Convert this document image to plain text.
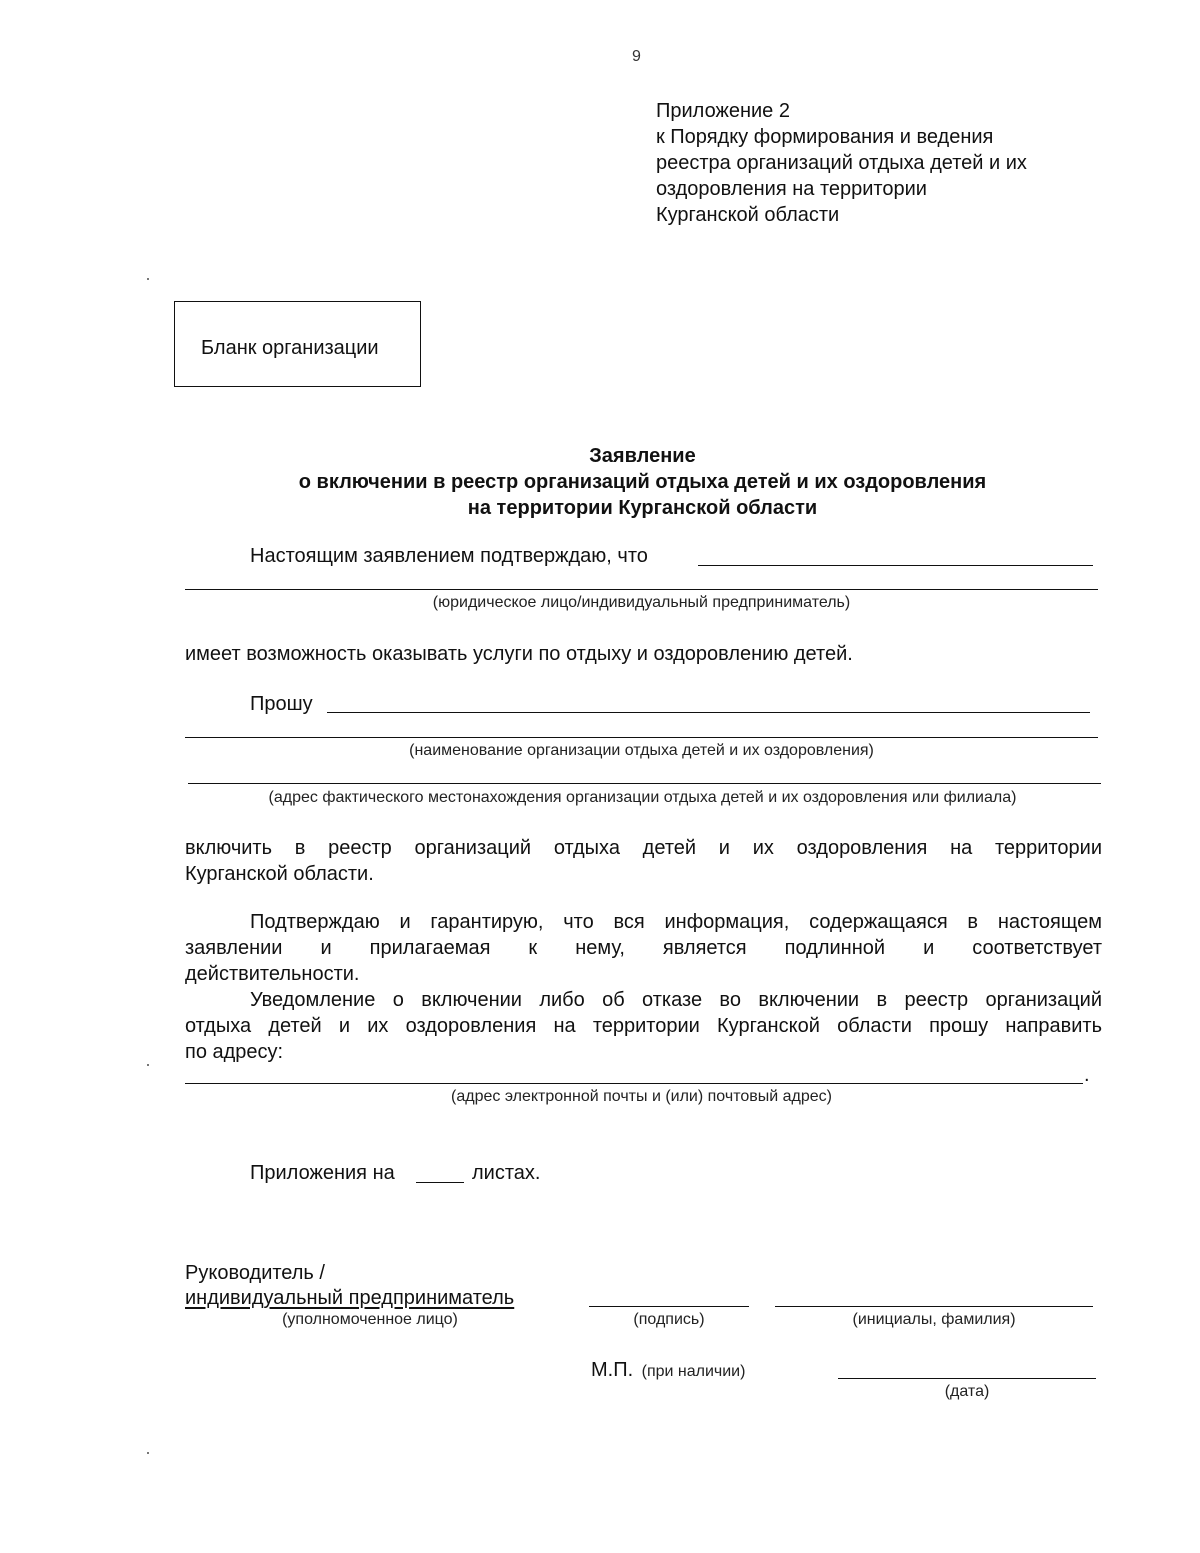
9
Приложение 2
к Порядку формирования и ведения
реестра организаций отдыха детей и их
оздоровления на территории
Курганской области
Бланк организации
Заявление
о включении в реестр организаций отдыха детей и их оздоровления
на территории Курганской области
Настоящим заявлением подтверждаю, что
(юридическое лицо/индивидуальный предприниматель)
имеет возможность оказывать услуги по отдыху и оздоровлению детей.
Прошу
(наименование организации отдыха детей и их оздоровления)
(адрес фактического местонахождения организации отдыха детей и их оздоровления или филиала)
включить в реестр организаций отдыха детей и их оздоровления на территории
Курганской области.
Подтверждаю и гарантирую, что вся информация, содержащаяся в настоящем
заявлении и прилагаемая к нему, является подлинной и соответствует
действительности.
Уведомление о включении либо об отказе во включении в реестр организаций
отдыха детей и их оздоровления на территории Курганской области прошу направить
по адресу:
.
(адрес электронной почты и (или) почтовый адрес)
Приложения на	листах.
Руководитель /
индивидуальный предприниматель
(уполномоченное лицо)	(подпись)	(инициалы, фамилия)
М.П. (при наличии)
(дата)
